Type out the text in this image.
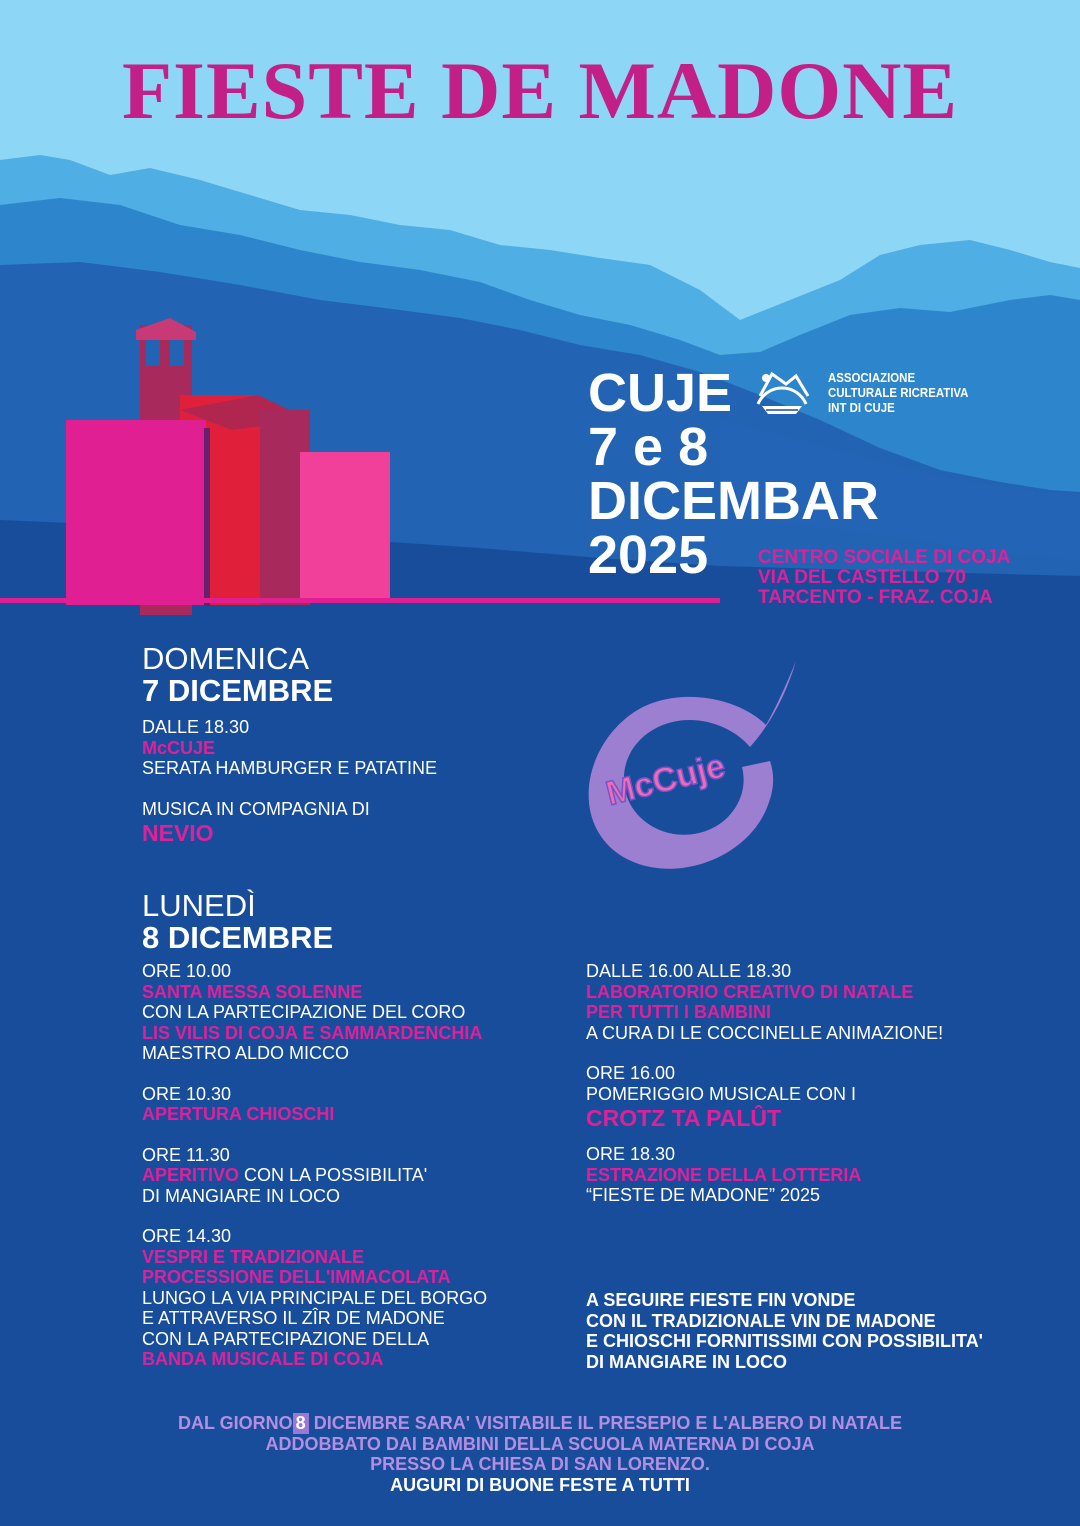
FIESTE DE MADONE
CUJE
7 e 8
DICEMBAR
2025
ASSOCIAZIONE
CULTURALE RICREATIVA
INT DI CUJE
CENTRO SOCIALE DI COJA
VIA DEL CASTELLO 70
TARCENTO - FRAZ. COJA
DOMENICA
7 DICEMBRE
DALLE 18.30
McCUJE
SERATA HAMBURGER E PATATINE
MUSICA IN COMPAGNIA DI
NEVIO
McCuje
LUNEDÌ
8 DICEMBRE
ORE 10.00
SANTA MESSA SOLENNE
CON LA PARTECIPAZIONE DEL CORO
LIS VILIS DI COJA E SAMMARDENCHIA
MAESTRO ALDO MICCO
ORE 10.30
APERTURA CHIOSCHI
ORE 11.30
APERITIVO CON LA POSSIBILITA'
DI MANGIARE IN LOCO
ORE 14.30
VESPRI E TRADIZIONALE
PROCESSIONE DELL'IMMACOLATA
LUNGO LA VIA PRINCIPALE DEL BORGO
E ATTRAVERSO IL ZÎR DE MADONE
CON LA PARTECIPAZIONE DELLA
BANDA MUSICALE DI COJA
DALLE 16.00 ALLE 18.30
LABORATORIO CREATIVO DI NATALE
PER TUTTI I BAMBINI
A CURA DI LE COCCINELLE ANIMAZIONE!
ORE 16.00
POMERIGGIO MUSICALE CON I
CROTZ TA PALÛT
ORE 18.30
ESTRAZIONE DELLA LOTTERIA
“FIESTE DE MADONE” 2025
A SEGUIRE FIESTE FIN VONDE
CON IL TRADIZIONALE VIN DE MADONE
E CHIOSCHI FORNITISSIMI CON POSSIBILITA'
DI MANGIARE IN LOCO
DAL GIORNO 8 DICEMBRE SARA' VISITABILE IL PRESEPIO E L'ALBERO DI NATALE
ADDOBBATO DAI BAMBINI DELLA SCUOLA MATERNA DI COJA
PRESSO LA CHIESA DI SAN LORENZO.
AUGURI DI BUONE FESTE A TUTTI
